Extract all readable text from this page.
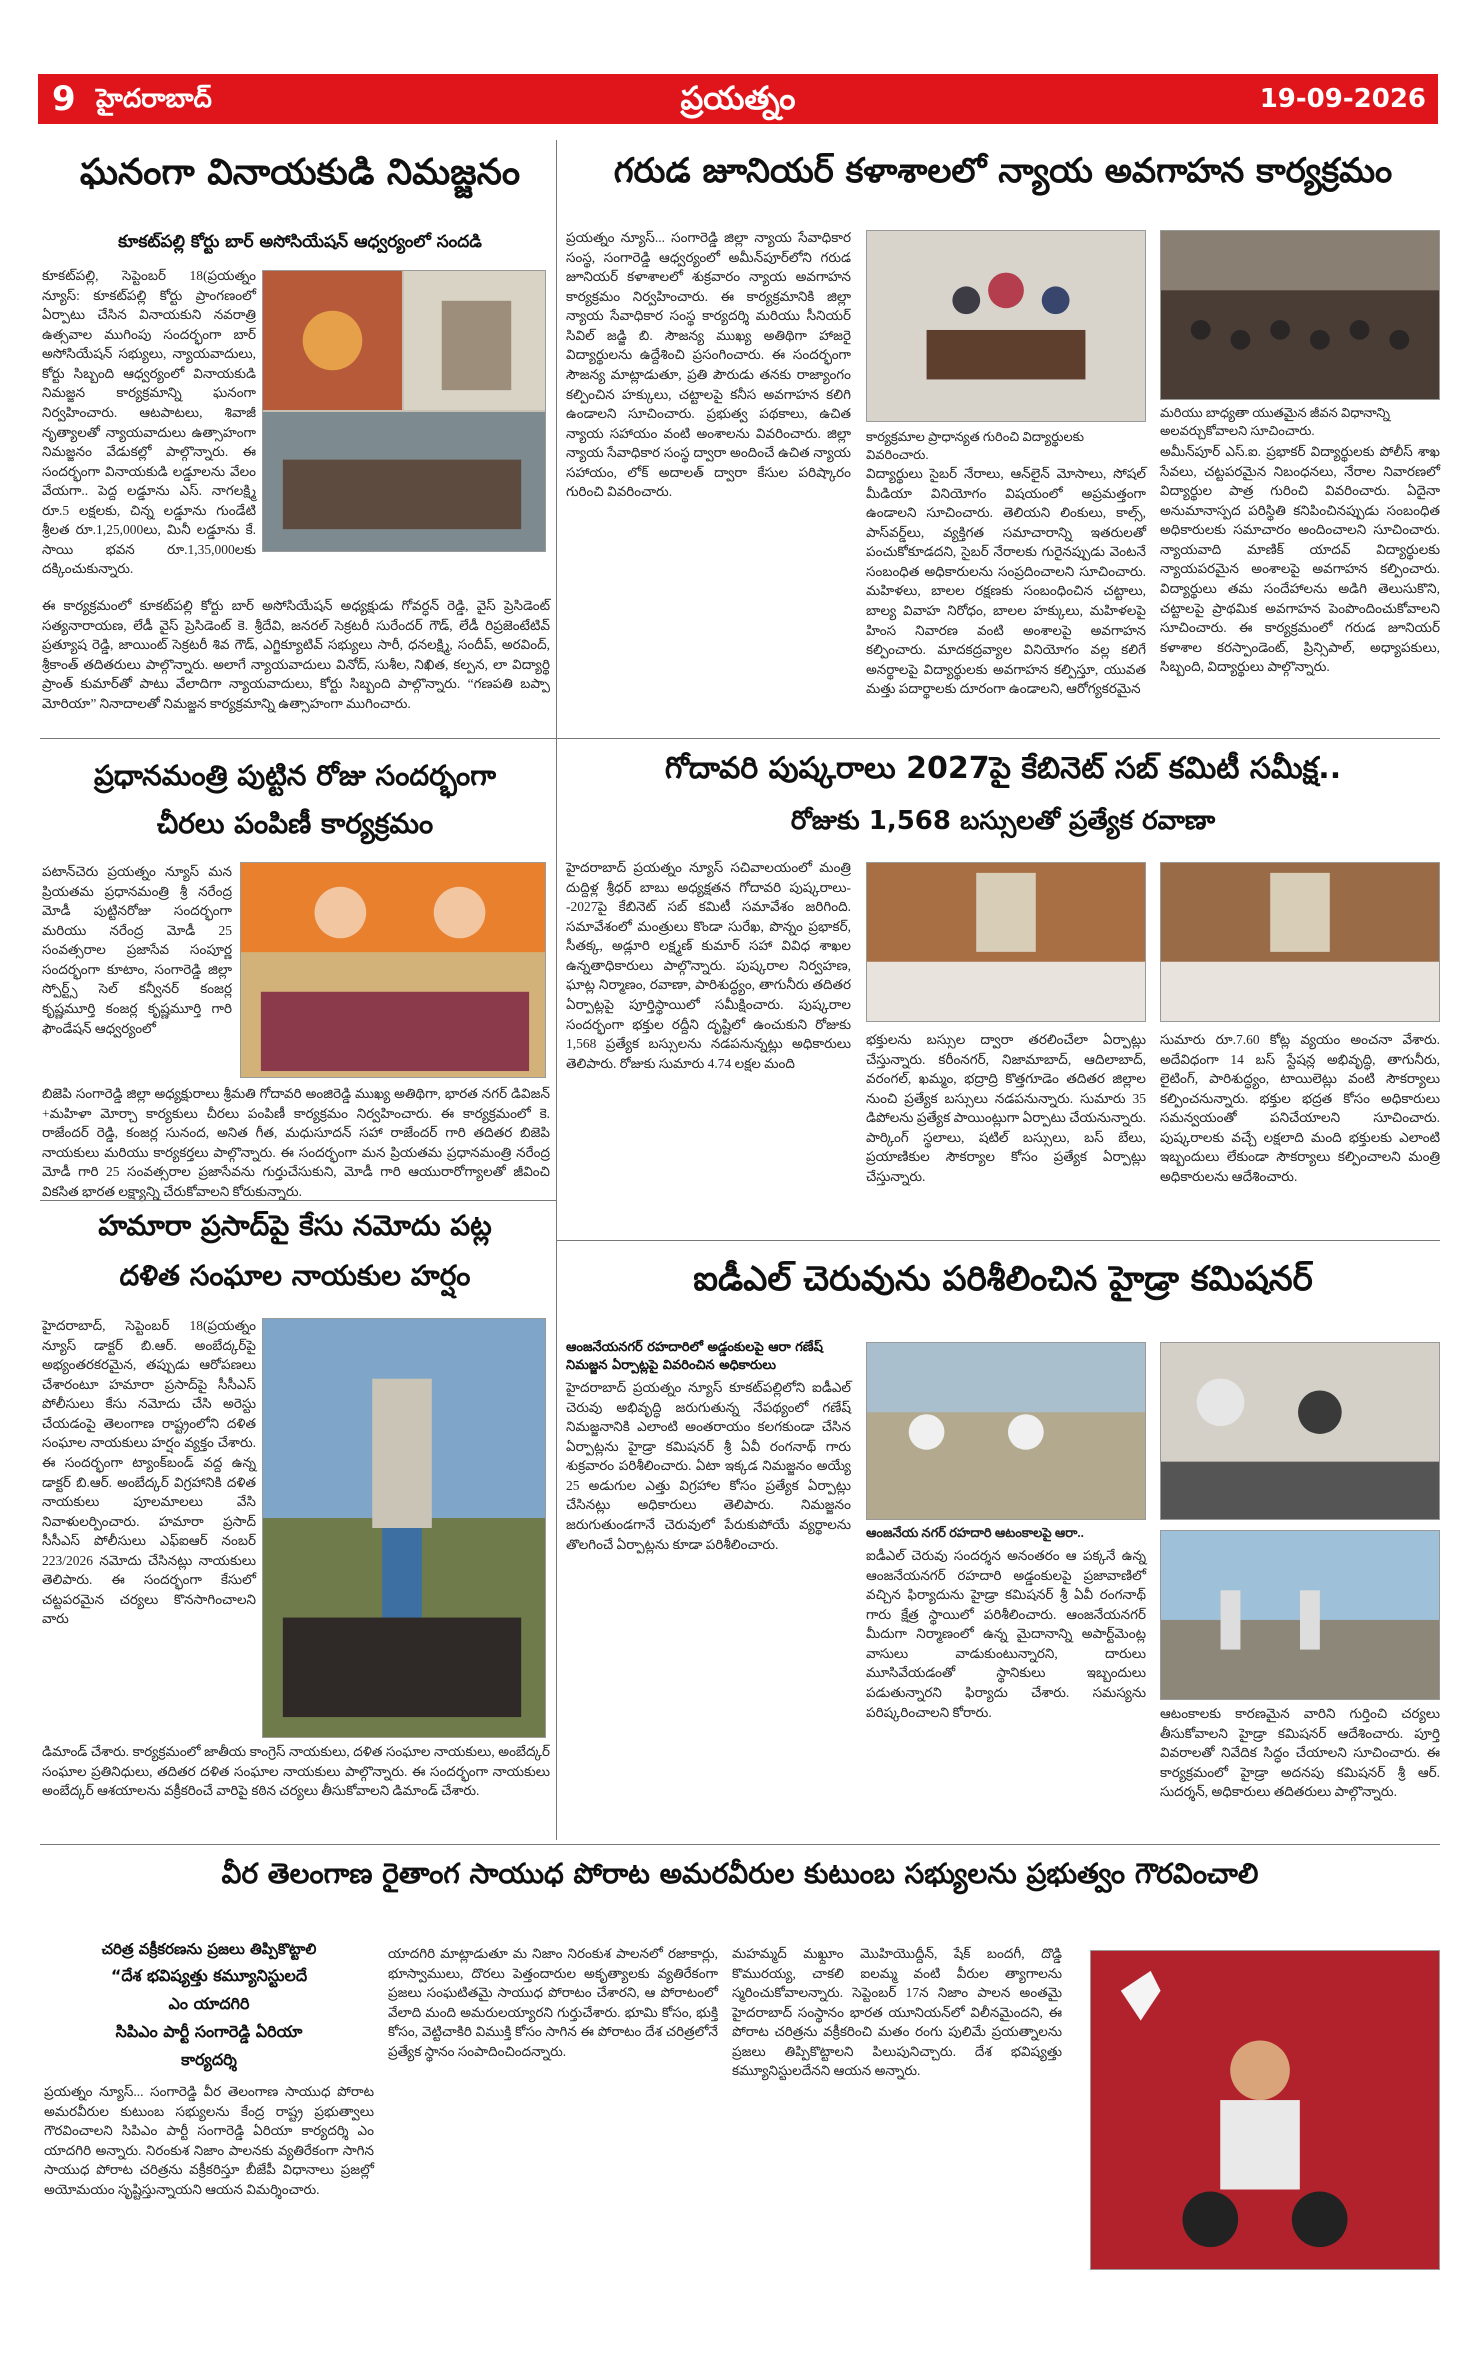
9 హైదరాబాద్	ప్రయత్నం	19-09-2026
ఘనంగా వినాయకుడి నిమజ్జనం
కూకట్‌పల్లి కోర్టు బార్ అసోసియేషన్ ఆధ్వర్యంలో సందడి
కూకట్‌పల్లి, సెప్టెంబర్ 18(ప్రయత్నం న్యూస్: కూకట్‌పల్లి కోర్టు ప్రాంగణంలో ఏర్పాటు చేసిన వినాయకుని నవరాత్రి ఉత్సవాల ముగింపు సందర్భంగా బార్ అసోసియేషన్ సభ్యులు, న్యాయవాదులు, కోర్టు సిబ్బంది ఆధ్వర్యంలో వినాయకుడి నిమజ్జన కార్యక్రమాన్ని ఘనంగా నిర్వహించారు. ఆటపాటలు, శివాజీ నృత్యాలతో న్యాయవాదులు ఉత్సాహంగా నిమజ్జనం వేడుకల్లో పాల్గొన్నారు. ఈ సందర్భంగా వినాయకుడి లడ్డూలను వేలం వేయగా.. పెద్ద లడ్డూను ఎస్. నాగలక్ష్మి రూ.5 లక్షలకు, చిన్న లడ్డూను గుండేటి శ్రీలత రూ.1,25,000లు, మినీ లడ్డూను కే. సాయి భవన రూ.1,35,000లకు దక్కించుకున్నారు.
ఈ కార్యక్రమంలో కూకట్‌పల్లి కోర్టు బార్ అసోసియేషన్ అధ్యక్షుడు గోవర్ధన్ రెడ్డి, వైస్ ప్రెసిడెంట్ సత్యనారాయణ, లేడీ వైస్ ప్రెసిడెంట్ కె. శ్రీదేవి, జనరల్ సెక్రటరీ సురేందర్ గౌడ్, లేడీ రిప్రజెంటేటివ్ ప్రత్యూష రెడ్డి, జాయింట్ సెక్రటరీ శివ గౌడ్, ఎగ్జిక్యూటివ్ సభ్యులు సారీ, ధనలక్ష్మి, సందీప్, అరవింద్, శ్రీకాంత్ తదితరులు పాల్గొన్నారు. అలాగే న్యాయవాదులు వినోద్, సుశీల, నిఖిత, కల్పన, లా విద్యార్థి ప్రాంత్ కుమార్‌తో పాటు వేలాదిగా న్యాయవాదులు, కోర్టు సిబ్బంది పాల్గొన్నారు. “గణపతి బప్పా మోరియా” నినాదాలతో నిమజ్జన కార్యక్రమాన్ని ఉత్సాహంగా ముగించారు.
గరుడ జూనియర్ కళాశాలలో న్యాయ అవగాహన కార్యక్రమం
ప్రయత్నం న్యూస్... సంగారెడ్డి జిల్లా న్యాయ సేవాధికార సంస్థ, సంగారెడ్డి ఆధ్వర్యంలో అమీన్‌పూర్‌లోని గరుడ జూనియర్ కళాశాలలో శుక్రవారం న్యాయ అవగాహన కార్యక్రమం నిర్వహించారు. ఈ కార్యక్రమానికి జిల్లా న్యాయ సేవాధికార సంస్థ కార్యదర్శి మరియు సీనియర్ సివిల్ జడ్జి బి. సౌజన్య ముఖ్య అతిథిగా హాజరై విద్యార్థులను ఉద్దేశించి ప్రసంగించారు. ఈ సందర్భంగా సౌజన్య మాట్లాడుతూ, ప్రతి పౌరుడు తనకు రాజ్యాంగం కల్పించిన హక్కులు, చట్టాలపై కనీస అవగాహన కలిగి ఉండాలని సూచించారు. ప్రభుత్వ పథకాలు, ఉచిత న్యాయ సహాయం వంటి అంశాలను వివరించారు. జిల్లా న్యాయ సేవాధికార సంస్థ ద్వారా అందించే ఉచిత న్యాయ సహాయం, లోక్ అదాలత్ ద్వారా కేసుల పరిష్కారం గురించి వివరించారు.
కార్యక్రమాల ప్రాధాన్యత గురించి విద్యార్థులకు వివరించారు.
విద్యార్థులు సైబర్ నేరాలు, ఆన్‌లైన్ మోసాలు, సోషల్ మీడియా వినియోగం విషయంలో అప్రమత్తంగా ఉండాలని సూచించారు. తెలియని లింకులు, కాల్స్, పాస్‌వర్డ్‌లు, వ్యక్తిగత సమాచారాన్ని ఇతరులతో పంచుకోకూడదని, సైబర్ నేరాలకు గురైనప్పుడు వెంటనే సంబంధిత అధికారులను సంప్రదించాలని సూచించారు. మహిళలు, బాలల రక్షణకు సంబంధించిన చట్టాలు, బాల్య వివాహ నిరోధం, బాలల హక్కులు, మహిళలపై హింస నివారణ వంటి అంశాలపై అవగాహన కల్పించారు. మాదకద్రవ్యాల వినియోగం వల్ల కలిగే అనర్థాలపై విద్యార్థులకు అవగాహన కల్పిస్తూ, యువత మత్తు పదార్థాలకు దూరంగా ఉండాలని, ఆరోగ్యకరమైన
మరియు బాధ్యతా యుతమైన జీవన విధానాన్ని అలవర్చుకోవాలని సూచించారు.
అమీన్‌పూర్ ఎస్.ఐ. ప్రభాకర్ విద్యార్థులకు పోలీస్ శాఖ సేవలు, చట్టపరమైన నిబంధనలు, నేరాల నివారణలో విద్యార్థుల పాత్ర గురించి వివరించారు. ఏదైనా అనుమానాస్పద పరిస్థితి కనిపించినప్పుడు సంబంధిత అధికారులకు సమాచారం అందించాలని సూచించారు. న్యాయవాది మాణిక్ యాదవ్ విద్యార్థులకు న్యాయపరమైన అంశాలపై అవగాహన కల్పించారు. విద్యార్థులు తమ సందేహాలను అడిగి తెలుసుకొని, చట్టాలపై ప్రాథమిక అవగాహన పెంపొందించుకోవాలని సూచించారు. ఈ కార్యక్రమంలో గరుడ జూనియర్ కళాశాల కరస్పాండెంట్, ప్రిన్సిపాల్, అధ్యాపకులు, సిబ్బంది, విద్యార్థులు పాల్గొన్నారు.
ప్రధానమంత్రి పుట్టిన రోజు సందర్భంగా
చీరలు పంపిణీ కార్యక్రమం
పటాన్‌చెరు ప్రయత్నం న్యూస్ మన ప్రియతమ ప్రధానమంత్రి శ్రీ నరేంద్ర మోడీ పుట్టినరోజు సందర్భంగా మరియు నరేంద్ర మోడీ 25 సంవత్సరాల ప్రజాసేవ సంపూర్ణ సందర్భంగా కూటాం, సంగారెడ్డి జిల్లా స్పోర్ట్స్ సెల్ కన్వీనర్ కంజర్ల కృష్ణమూర్తి కంజర్ల కృష్ణమూర్తి గారి ఫౌండేషన్ ఆధ్వర్యంలో
బిజెపి సంగారెడ్డి జిల్లా అధ్యక్షురాలు శ్రీమతి గోదావరి అంజిరెడ్డి ముఖ్య అతిథిగా, భారత నగర్ డివిజన్ +మహిళా మోర్చా కార్యకులు చీరలు పంపిణీ కార్యక్రమం నిర్వహించారు. ఈ కార్యక్రమంలో కె. రాజేందర్ రెడ్డి, కంజర్ల సునంద, అనిత గీత, మధుసూదన్ సహా రాజేందర్ గారి తదితర బిజెపి నాయకులు మరియు కార్యకర్తలు పాల్గొన్నారు. ఈ సందర్భంగా మన ప్రియతమ ప్రధానమంత్రి నరేంద్ర మోడీ గారి 25 సంవత్సరాల ప్రజాసేవను గుర్తుచేసుకుని, మోడీ గారి ఆయురారోగ్యాలతో జీవించి వికసిత భారత లక్ష్యాన్ని చేరుకోవాలని కోరుకున్నారు.
గోదావరి పుష్కరాలు 2027పై కేబినెట్ సబ్ కమిటీ సమీక్ష..
రోజుకు 1,568 బస్సులతో ప్రత్యేక రవాణా
హైదరాబాద్ ప్రయత్నం న్యూస్ సచివాలయంలో మంత్రి దుద్దిళ్ల శ్రీధర్ బాబు అధ్యక్షతన గోదావరి పుష్కరాలు--2027పై కేబినెట్ సబ్ కమిటీ సమావేశం జరిగింది. సమావేశంలో మంత్రులు కొండా సురేఖ, పొన్నం ప్రభాకర్, సీతక్క, అడ్లూరి లక్ష్మణ్ కుమార్ సహా వివిధ శాఖల ఉన్నతాధికారులు పాల్గొన్నారు. పుష్కరాల నిర్వహణ, ఘాట్ల నిర్మాణం, రవాణా, పారిశుద్ధ్యం, తాగునీరు తదితర ఏర్పాట్లపై పూర్తిస్థాయిలో సమీక్షించారు. పుష్కరాల సందర్భంగా భక్తుల రద్దీని దృష్టిలో ఉంచుకుని రోజుకు 1,568 ప్రత్యేక బస్సులను నడపనున్నట్లు అధికారులు తెలిపారు. రోజుకు సుమారు 4.74 లక్షల మంది
భక్తులను బస్సుల ద్వారా తరలించేలా ఏర్పాట్లు చేస్తున్నారు. కరీంనగర్, నిజామాబాద్, ఆదిలాబాద్, వరంగల్, ఖమ్మం, భద్రాద్రి కొత్తగూడెం తదితర జిల్లాల నుంచి ప్రత్యేక బస్సులు నడపనున్నారు. సుమారు 35 డిపోలను ప్రత్యేక పాయింట్లుగా ఏర్పాటు చేయనున్నారు. పార్కింగ్ స్థలాలు, షటిల్ బస్సులు, బస్ బేలు, ప్రయాణికుల సౌకర్యాల కోసం ప్రత్యేక ఏర్పాట్లు చేస్తున్నారు.
సుమారు రూ.7.60 కోట్ల వ్యయం అంచనా వేశారు. అదేవిధంగా 14 బస్ స్టేషన్ల అభివృద్ధి, తాగునీరు, లైటింగ్, పారిశుద్ధ్యం, టాయిలెట్లు వంటి సౌకర్యాలు కల్పించనున్నారు. భక్తుల భద్రత కోసం అధికారులు సమన్వయంతో పనిచేయాలని సూచించారు. పుష్కరాలకు వచ్చే లక్షలాది మంది భక్తులకు ఎలాంటి ఇబ్బందులు లేకుండా సౌకర్యాలు కల్పించాలని మంత్రి అధికారులను ఆదేశించారు.
హమారా ప్రసాద్‌పై కేసు నమోదు పట్ల
దళిత సంఘాల నాయకుల హర్షం
హైదరాబాద్, సెప్టెంబర్ 18(ప్రయత్నం న్యూస్ డాక్టర్ బి.ఆర్. అంబేద్కర్‌పై అభ్యంతరకరమైన, తప్పుడు ఆరోపణలు చేశారంటూ హమారా ప్రసాద్‌పై సీసీఎస్ పోలీసులు కేసు నమోదు చేసి అరెస్టు చేయడంపై తెలంగాణ రాష్ట్రంలోని దళిత సంఘాల నాయకులు హర్షం వ్యక్తం చేశారు. ఈ సందర్భంగా ట్యాంక్‌బండ్ వద్ద ఉన్న డాక్టర్ బి.ఆర్. అంబేద్కర్ విగ్రహానికి దళిత నాయకులు పూలమాలలు వేసి నివాళులర్పించారు. హమారా ప్రసాద్ సీసీఎస్ పోలీసులు ఎఫ్ఐఆర్ నంబర్ 223/2026 నమోదు చేసినట్లు నాయకులు తెలిపారు. ఈ సందర్భంగా కేసులో చట్టపరమైన చర్యలు కొనసాగించాలని వారు
డిమాండ్ చేశారు. కార్యక్రమంలో జాతీయ కాంగ్రెస్ నాయకులు, దళిత సంఘాల నాయకులు, అంబేద్కర్ సంఘాల ప్రతినిధులు, తదితర దళిత సంఘాల నాయకులు పాల్గొన్నారు. ఈ సందర్భంగా నాయకులు అంబేద్కర్ ఆశయాలను వక్రీకరించే వారిపై కఠిన చర్యలు తీసుకోవాలని డిమాండ్ చేశారు.
ఐడీఎల్ చెరువును పరిశీలించిన హైడ్రా కమిషనర్
ఆంజనేయనగర్ రహదారిలో అడ్డంకులపై ఆరా గణేష్ నిమజ్జన ఏర్పాట్లపై వివరించిన అధికారులు
హైదరాబాద్ ప్రయత్నం న్యూస్ కూకట్‌పల్లిలోని ఐడీఎల్ చెరువు అభివృద్ధి జరుగుతున్న నేపథ్యంలో గణేష్ నిమజ్జనానికి ఎలాంటి అంతరాయం కలగకుండా చేసిన ఏర్పాట్లను హైడ్రా కమిషనర్ శ్రీ ఏవీ రంగనాథ్ గారు శుక్రవారం పరిశీలించారు. ఏటా ఇక్కడ నిమజ్జనం అయ్యే 25 అడుగుల ఎత్తు విగ్రహాల కోసం ప్రత్యేక ఏర్పాట్లు చేసినట్లు అధికారులు తెలిపారు. నిమజ్జనం జరుగుతుండగానే చెరువులో పేరుకుపోయే వ్యర్థాలను తొలగించే ఏర్పాట్లను కూడా పరిశీలించారు.
ఆంజనేయ నగర్ రహదారి ఆటంకాలపై ఆరా..
ఐడీఎల్ చెరువు సందర్శన అనంతరం ఆ పక్కనే ఉన్న ఆంజనేయనగర్ రహదారి అడ్డంకులపై ప్రజావాణిలో వచ్చిన ఫిర్యాదును హైడ్రా కమిషనర్ శ్రీ ఏవీ రంగనాథ్ గారు క్షేత్ర స్థాయిలో పరిశీలించారు. ఆంజనేయనగర్ మీదుగా నిర్మాణంలో ఉన్న మైదానాన్ని అపార్ట్‌మెంట్ల వాసులు వాడుకుంటున్నారని, దారులు మూసివేయడంతో స్థానికులు ఇబ్బందులు పడుతున్నారని ఫిర్యాదు చేశారు. సమస్యను పరిష్కరించాలని కోరారు.	ఆటంకాలకు కారణమైన వారిని గుర్తించి చర్యలు తీసుకోవాలని హైడ్రా కమిషనర్ ఆదేశించారు. పూర్తి వివరాలతో నివేదిక సిద్ధం చేయాలని సూచించారు. ఈ కార్యక్రమంలో హైడ్రా అదనపు కమిషనర్ శ్రీ ఆర్. సుదర్శన్, అధికారులు తదితరులు పాల్గొన్నారు.
వీర తెలంగాణ రైతాంగ సాయుధ పోరాట అమరవీరుల కుటుంబ సభ్యులను ప్రభుత్వం గౌరవించాలి
చరిత్ర వక్రీకరణను ప్రజలు తిప్పికొట్టాలి
“దేశ భవిష్యత్తు కమ్యూనిస్టులదే
ఎం యాదగిరి
సిపిఎం పార్టీ సంగారెడ్డి ఏరియా
కార్యదర్శి
ప్రయత్నం న్యూస్... సంగారెడ్డి వీర తెలంగాణ సాయుధ పోరాట అమరవీరుల కుటుంబ సభ్యులను కేంద్ర రాష్ట్ర ప్రభుత్వాలు గౌరవించాలని సిపిఎం పార్టీ సంగారెడ్డి ఏరియా కార్యదర్శి ఎం యాదగిరి అన్నారు. నిరంకుశ నిజాం పాలనకు వ్యతిరేకంగా సాగిన సాయుధ పోరాట చరిత్రను వక్రీకరిస్తూ బీజేపీ విధానాలు ప్రజల్లో అయోమయం సృష్టిస్తున్నాయని ఆయన విమర్శించారు.
యాదగిరి మాట్లాడుతూ మ నిజాం నిరంకుశ పాలనలో రజాకార్లు, భూస్వాములు, దొరలు పెత్తందారుల అకృత్యాలకు వ్యతిరేకంగా ప్రజలు సంఘటితమై సాయుధ పోరాటం చేశారని, ఆ పోరాటంలో వేలాది మంది అమరులయ్యారని గుర్తుచేశారు. భూమి కోసం, భుక్తి కోసం, వెట్టిచాకిరి విముక్తి కోసం సాగిన ఈ పోరాటం దేశ చరిత్రలోనే ప్రత్యేక స్థానం సంపాదించిందన్నారు.
మహమ్మద్ మఖ్దూం మొహియొద్దీన్, షేక్ బందగీ, దొడ్డి కొమురయ్య, చాకలి ఐలమ్మ వంటి వీరుల త్యాగాలను స్మరించుకోవాలన్నారు. సెప్టెంబర్ 17న నిజాం పాలన అంతమై హైదరాబాద్ సంస్థానం భారత యూనియన్‌లో విలీనమైందని, ఈ పోరాట చరిత్రను వక్రీకరించి మతం రంగు పులిమే ప్రయత్నాలను ప్రజలు తిప్పికొట్టాలని పిలుపునిచ్చారు. దేశ భవిష్యత్తు కమ్యూనిస్టులదేనని ఆయన అన్నారు.
